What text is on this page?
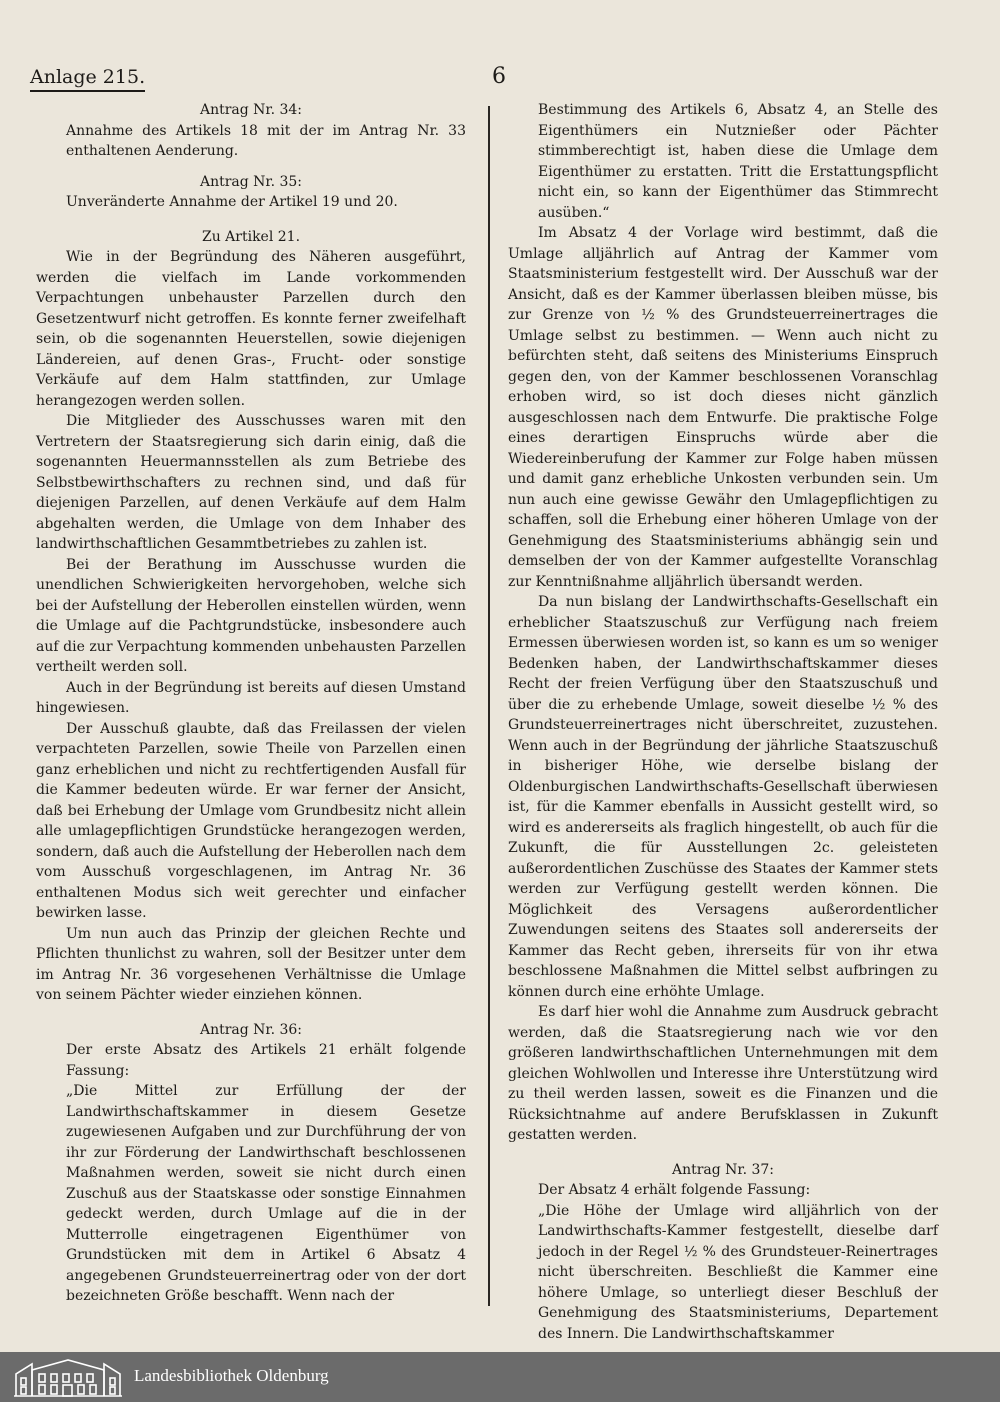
Anlage 215.	6

Antrag Nr. 34:

Annahme des Artikels 18 mit der im Antrag Nr. 33 enthaltenen Aenderung.

Antrag Nr. 35:

Unveränderte Annahme der Artikel 19 und 20.

Zu Artikel 21.

Wie in der Begründung des Näheren ausgeführt, werden die vielfach im Lande vorkommenden Verpachtungen unbehauster Parzellen durch den Gesetzentwurf nicht getroffen. Es konnte ferner zweifelhaft sein, ob die sogenannten Heuerstellen, sowie diejenigen Ländereien, auf denen Gras-, Frucht- oder sonstige Verkäufe auf dem Halm stattfinden, zur Umlage herangezogen werden sollen.

Die Mitglieder des Ausschusses waren mit den Vertretern der Staatsregierung sich darin einig, daß die sogenannten Heuermannsstellen als zum Betriebe des Selbstbewirthschafters zu rechnen sind, und daß für diejenigen Parzellen, auf denen Verkäufe auf dem Halm abgehalten werden, die Umlage von dem Inhaber des landwirthschaftlichen Gesammtbetriebes zu zahlen ist.

Bei der Berathung im Ausschusse wurden die unendlichen Schwierigkeiten hervorgehoben, welche sich bei der Aufstellung der Heberollen einstellen würden, wenn die Umlage auf die Pachtgrundstücke, insbesondere auch auf die zur Verpachtung kommenden unbehausten Parzellen vertheilt werden soll.

Auch in der Begründung ist bereits auf diesen Umstand hingewiesen.

Der Ausschuß glaubte, daß das Freilassen der vielen verpachteten Parzellen, sowie Theile von Parzellen einen ganz erheblichen und nicht zu rechtfertigenden Ausfall für die Kammer bedeuten würde. Er war ferner der Ansicht, daß bei Erhebung der Umlage vom Grundbesitz nicht allein alle umlagepflichtigen Grundstücke herangezogen werden, sondern, daß auch die Aufstellung der Heberollen nach dem vom Ausschuß vorgeschlagenen, im Antrag Nr. 36 enthaltenen Modus sich weit gerechter und einfacher bewirken lasse.

Um nun auch das Prinzip der gleichen Rechte und Pflichten thunlichst zu wahren, soll der Besitzer unter dem im Antrag Nr. 36 vorgesehenen Verhältnisse die Umlage von seinem Pächter wieder einziehen können.

Antrag Nr. 36:

Der erste Absatz des Artikels 21 erhält folgende Fassung:

„Die Mittel zur Erfüllung der der Landwirthschaftskammer in diesem Gesetze zugewiesenen Aufgaben und zur Durchführung der von ihr zur Förderung der Landwirthschaft beschlossenen Maßnahmen werden, soweit sie nicht durch einen Zuschuß aus der Staatskasse oder sonstige Einnahmen gedeckt werden, durch Umlage auf die in der Mutterrolle eingetragenen Eigenthümer von Grundstücken mit dem in Artikel 6 Absatz 4 angegebenen Grundsteuerreinertrag oder von der dort bezeichneten Größe beschafft. Wenn nach der

Bestimmung des Artikels 6, Absatz 4, an Stelle des Eigenthümers ein Nutznießer oder Pächter stimmberechtigt ist, haben diese die Umlage dem Eigenthümer zu erstatten. Tritt die Erstattungspflicht nicht ein, so kann der Eigenthümer das Stimmrecht ausüben.“

Im Absatz 4 der Vorlage wird bestimmt, daß die Umlage alljährlich auf Antrag der Kammer vom Staatsministerium festgestellt wird. Der Ausschuß war der Ansicht, daß es der Kammer überlassen bleiben müsse, bis zur Grenze von ½ % des Grundsteuerreinertrages die Umlage selbst zu bestimmen. — Wenn auch nicht zu befürchten steht, daß seitens des Ministeriums Einspruch gegen den, von der Kammer beschlossenen Voranschlag erhoben wird, so ist doch dieses nicht gänzlich ausgeschlossen nach dem Entwurfe. Die praktische Folge eines derartigen Einspruchs würde aber die Wiedereinberufung der Kammer zur Folge haben müssen und damit ganz erhebliche Unkosten verbunden sein. Um nun auch eine gewisse Gewähr den Umlagepflichtigen zu schaffen, soll die Erhebung einer höheren Umlage von der Genehmigung des Staatsministeriums abhängig sein und demselben der von der Kammer aufgestellte Voranschlag zur Kenntnißnahme alljährlich übersandt werden.

Da nun bislang der Landwirthschafts-Gesellschaft ein erheblicher Staatszuschuß zur Verfügung nach freiem Ermessen überwiesen worden ist, so kann es um so weniger Bedenken haben, der Landwirthschaftskammer dieses Recht der freien Verfügung über den Staatszuschuß und über die zu erhebende Umlage, soweit dieselbe ½ % des Grundsteuerreinertrages nicht überschreitet, zuzustehen. Wenn auch in der Begründung der jährliche Staatszuschuß in bisheriger Höhe, wie derselbe bislang der Oldenburgischen Landwirthschafts-Gesellschaft überwiesen ist, für die Kammer ebenfalls in Aussicht gestellt wird, so wird es andererseits als fraglich hingestellt, ob auch für die Zukunft, die für Ausstellungen 2c. geleisteten außerordentlichen Zuschüsse des Staates der Kammer stets werden zur Verfügung gestellt werden können. Die Möglichkeit des Versagens außerordentlicher Zuwendungen seitens des Staates soll andererseits der Kammer das Recht geben, ihrerseits für von ihr etwa beschlossene Maßnahmen die Mittel selbst aufbringen zu können durch eine erhöhte Umlage.

Es darf hier wohl die Annahme zum Ausdruck gebracht werden, daß die Staatsregierung nach wie vor den größeren landwirthschaftlichen Unternehmungen mit dem gleichen Wohlwollen und Interesse ihre Unterstützung wird zu theil werden lassen, soweit es die Finanzen und die Rücksichtnahme auf andere Berufsklassen in Zukunft gestatten werden.

Antrag Nr. 37:

Der Absatz 4 erhält folgende Fassung:

„Die Höhe der Umlage wird alljährlich von der Landwirthschafts-Kammer festgestellt, dieselbe darf jedoch in der Regel ½ % des Grundsteuer-Reinertrages nicht überschreiten. Beschließt die Kammer eine höhere Umlage, so unterliegt dieser Beschluß der Genehmigung des Staatsministeriums, Departement des Innern. Die Landwirthschaftskammer

Landesbibliothek Oldenburg
